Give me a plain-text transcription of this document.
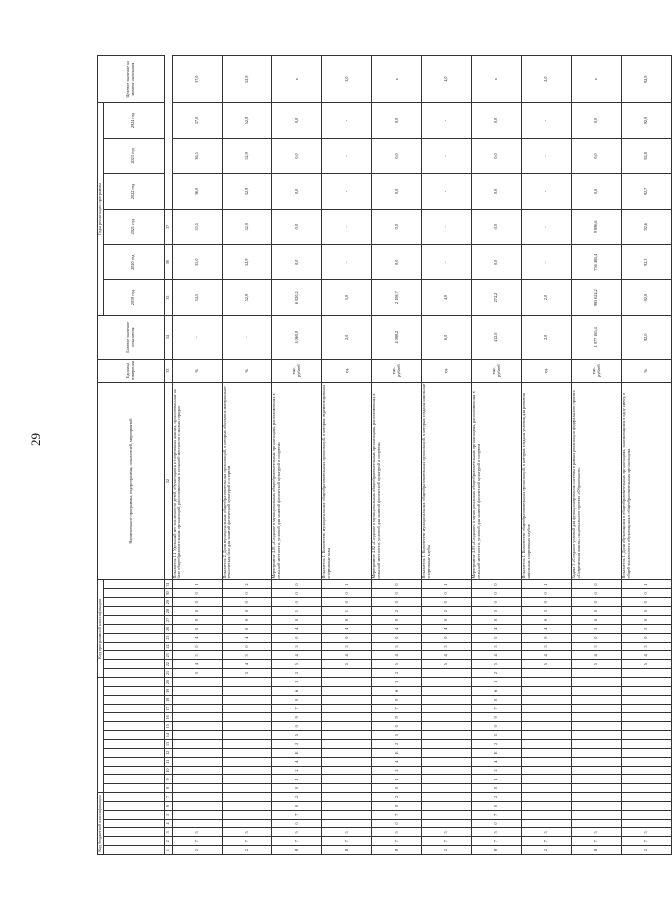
29
Код бюджетной классификации																				Код программной классификации											Наименование программы, подпрограммы, показателей, мероприятий	Единица измерения	Базовое значение показателя	Годы реализации программы						Целевое значение на момент окончания
																																		2019 год	2020 год	2021 год	2022 год	2023 год	2024 год	
1	2	3	4	5	6	7	8	9	10	11	12	13	14	15	16	17	18	19	20	21	22	23	24	25	26	27	28	29	30	31	32	33	34	35	36	37				
2	7	5																		5	4	5	0	4	0	0	0	0	0	1	Показатель 1.1 Удельный вес численности детей, обучающихся в спортивных школах, организованных на базе общеобразовательных организаций, расположенных в сельской местности и малых городах	%	-	34,5	35,0	35,5	36,0	36,5	37,0	37,0
2	7	5																		5	4	5	0	4	0	0	0	0	0	2	Показатель 2. Доля муниципальных общеобразовательных организаций, в которых обновлена материально-техническая база для занятий физической культурой и спортом	%	-	52,9	52,9	52,9	52,9	52,9	52,9	52,9
8	7	5	0	7	0	2	0	1	2	4	Е	2	5	0	9	7	0	6	1	2	5	4	5	0	4	0	1	0	0	0	Мероприятие 4.01 «Создание в муниципальных общеобразовательных организациях, расположенных в сельской местности, условий для занятий физической культурой и спортом»	тыс. рублей	4 060,0	6 020,2	0,0	0,0	0,0	0,0	0,0	х
8	7	5																			5	4	5	0	4	0	1	0	0	1	Показатель 1. Количество муниципальных общеобразовательных организаций, в которых отремонтированы спортивные залы	ед.	2,0	3,0	-	-	-	-	-	3,0
8	7	5	0	7	0	2	0	1	2	4	Е	2	5	0	9	7	0	6	1	2	5	4	5	0	4	0	2	0	0	0	Мероприятие 4.02 «Создание в муниципальных общеобразовательных организациях, расположенных в сельской местности, условий для занятий физической культурой и спортом»	тыс. рублей	4 088,2	2 108,7	0,0	0,0	0,0	0,0	0,0	х
2	7	5																			5	4	5	0	4	0	2	0	0	1	Показатель 1. Количество муниципальных общеобразовательных организаций, в которых созданы школьные спортивные клубы	ед.	6,0	4,0	-	-	-	-	-	4,0
8	7	5	0	7	0	2	0	1	2	4	Е	2	5	0	9	7	0	6	1	2	5	4	5	0	4	0	3	0	0	0	Мероприятие 4.03 «Создание» в муниципальных общеобразовательных организациях, расположенных в сельской местности, условий для занятий физической культурой и спортом	тыс. рублей	412,0	274,2	0,0	0,0	0,0	0,0	0,0	х
2	7	5																			5	4	5	0	4	0	3	0	0	1	Показатель 1. Количество общеобразовательных организаций, в которых созданы условия для развития школьных спортивных клубов	ед.	2,0	2,0	-	-	-	-	-	2,0
8	7	5																			5	4	5	0	5	0	0	0	0	0	Задача 5 «Создание условий для функционирования системы в рамках реализации федерального проекта «Современная школа» национального проекта «Образование»	тыс. рублей	1 077 185,4	985 624,2	756 485,4	9 896,6	0,0	0,0	0,0	х
2	7	5																			5	4	5	0	5	0	0	0	0	1	Показатель 1. Доля обучающихся в общеобразовательных организациях, занимающихся в одну смену, в общей численности обучающихся в общеобразовательных организациях	%	92,0	92,0	92,3	92,6	92,7	92,8	92,9	92,9
